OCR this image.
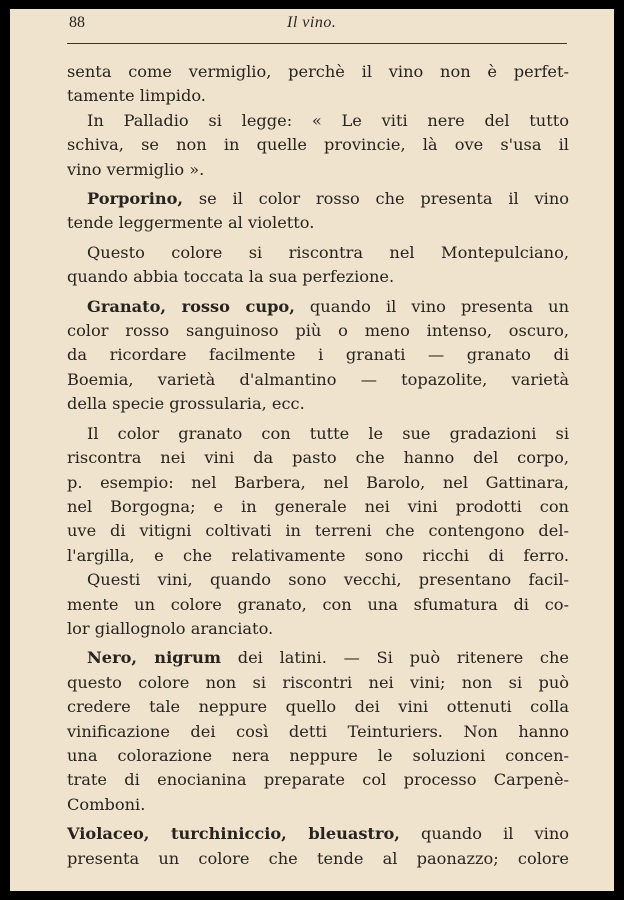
88	Il vino.
senta come vermiglio, perchè il vino non è perfet-
tamente limpido.
In Palladio si legge: « Le viti nere del tutto
schiva, se non in quelle provincie, là ove s'usa il
vino vermiglio ».
Porporino, se il color rosso che presenta il vino
tende leggermente al violetto.
Questo colore si riscontra nel Montepulciano,
quando abbia toccata la sua perfezione.
Granato, rosso cupo, quando il vino presenta un
color rosso sanguinoso più o meno intenso, oscuro,
da ricordare facilmente i granati — granato di
Boemia, varietà d'almantino — topazolite, varietà
della specie grossularia, ecc.
Il color granato con tutte le sue gradazioni si
riscontra nei vini da pasto che hanno del corpo,
p. esempio: nel Barbera, nel Barolo, nel Gattinara,
nel Borgogna; e in generale nei vini prodotti con
uve di vitigni coltivati in terreni che contengono del-
l'argilla, e che relativamente sono ricchi di ferro.
Questi vini, quando sono vecchi, presentano facil-
mente un colore granato, con una sfumatura di co-
lor giallognolo aranciato.
Nero, nigrum dei latini. — Si può ritenere che
questo colore non si riscontri nei vini; non si può
credere tale neppure quello dei vini ottenuti colla
vinificazione dei così detti Teinturiers. Non hanno
una colorazione nera neppure le soluzioni concen-
trate di enocianina preparate col processo Carpenè-
Comboni.
Violaceo, turchiniccio, bleuastro, quando il vino
presenta un colore che tende al paonazzo; colore
